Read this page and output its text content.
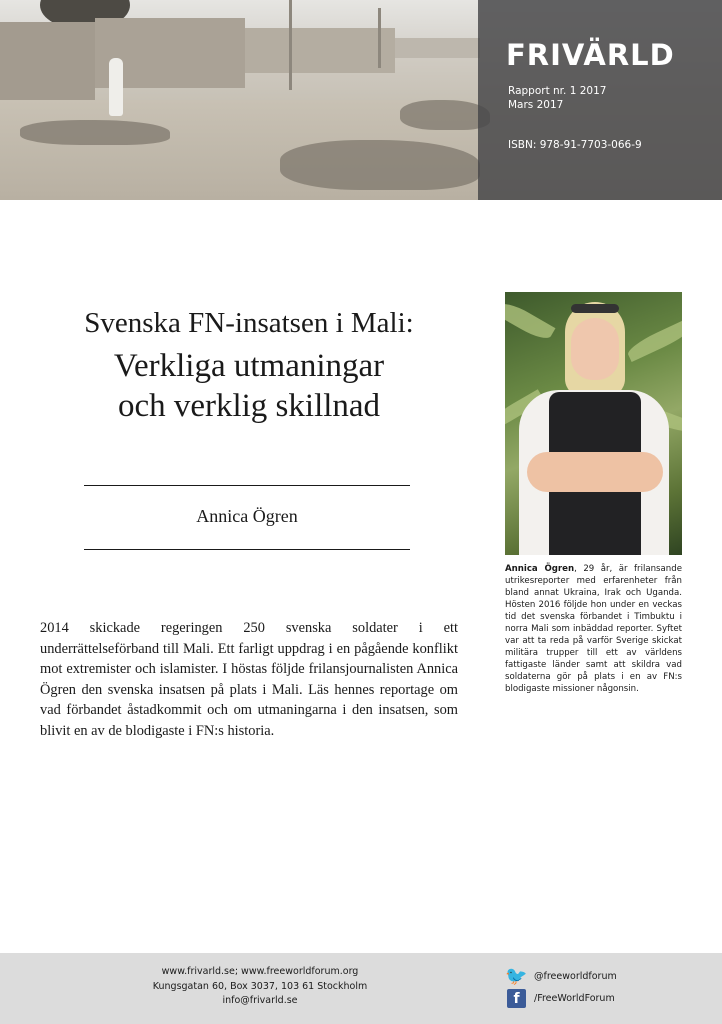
FRIVÄRLD
Rapport nr. 1 2017
Mars 2017
ISBN: 978-91-7703-066-9
Svenska FN-insatsen i Mali:
Verkliga utmaningar
och verklig skillnad
Annica Ögren

2014 skickade regeringen 250 svenska soldater i ett underrättelseförband till Mali. Ett farligt uppdrag i en pågående konflikt mot extremister och islamister. I höstas följde frilansjournalisten Annica Ögren den svenska insatsen på plats i Mali. Läs hennes reportage om vad förbandet åstadkommit och om utmaningarna i den insatsen, som blivit en av de blodigaste i FN:s historia.

Annica Ögren, 29 år, är frilansande utrikesreporter med erfarenheter från bland annat Ukraina, Irak och Uganda. Hösten 2016 följde hon under en veckas tid det svenska förbandet i Timbuktu i norra Mali som inbäddad reporter. Syftet var att ta reda på varför Sverige skickat militära trupper till ett av världens fattigaste länder samt att skildra vad soldaterna gör på plats i en av FN:s blodigaste missioner någonsin.
www.frivarld.se; www.freeworldforum.org
Kungsgatan 60, Box 3037, 103 61 Stockholm
info@frivarld.se
🐦 @freeworldforum
f	/FreeWorldForum
